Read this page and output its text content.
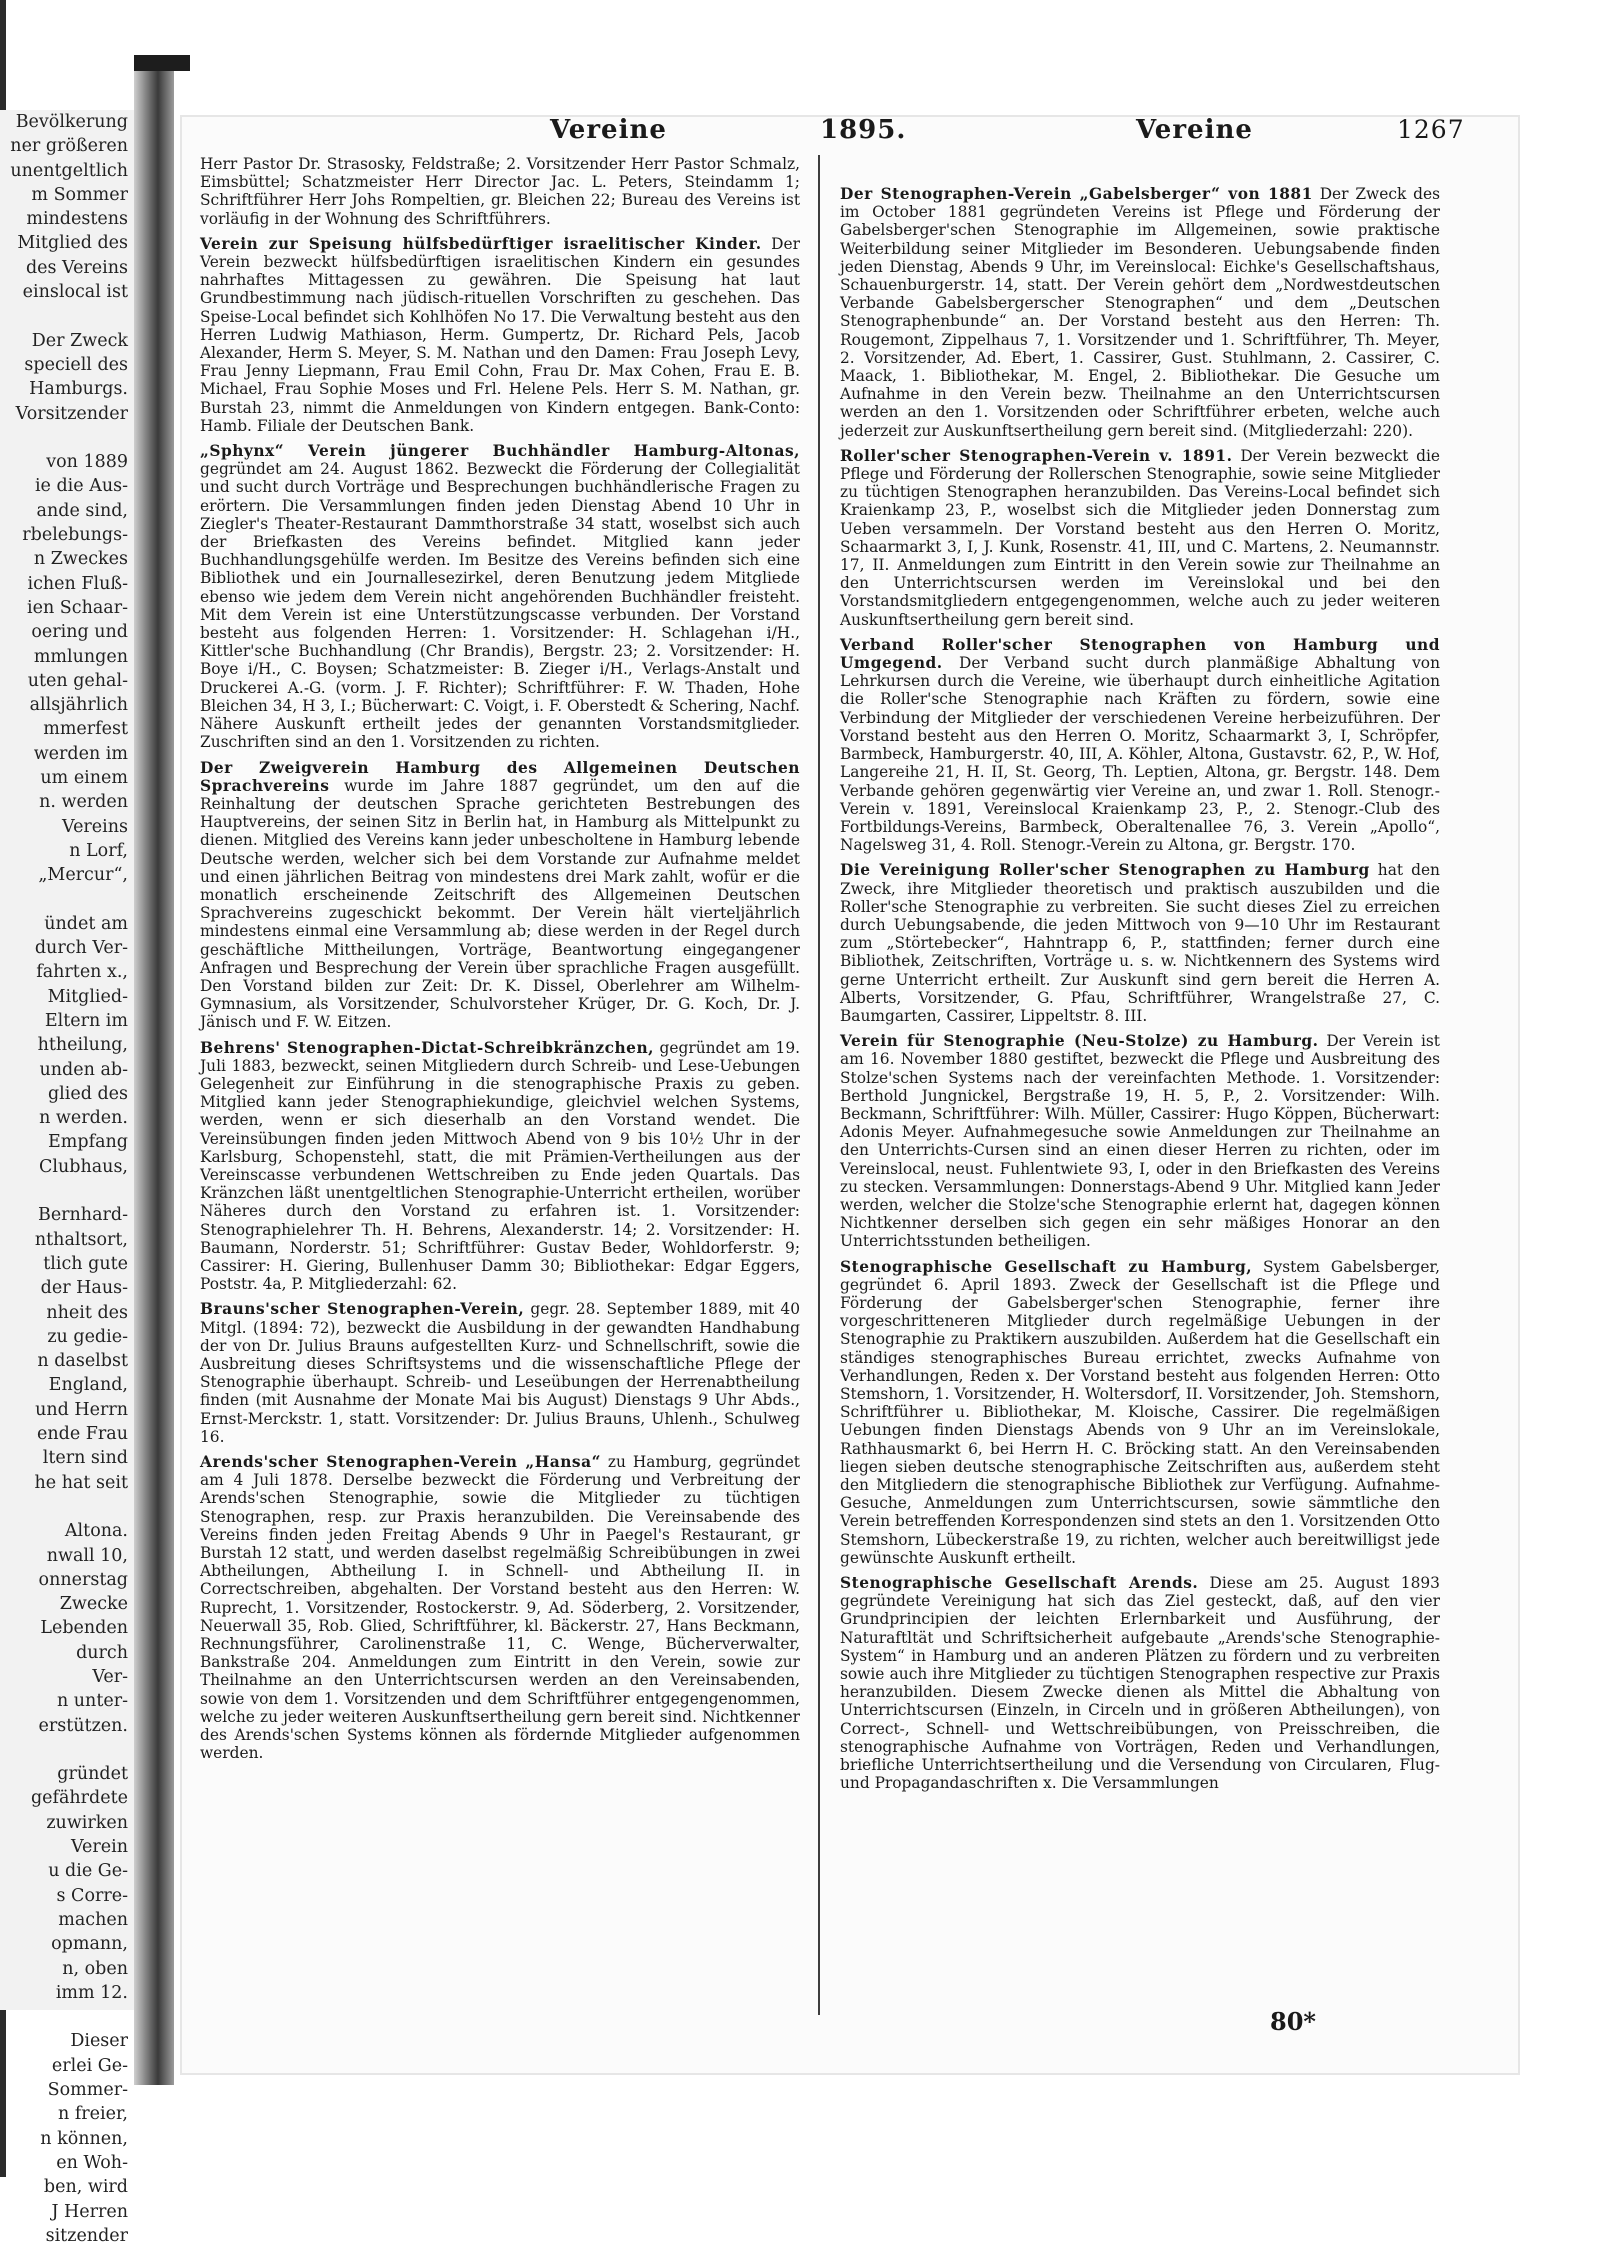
Bevölkerung
ner größeren
unentgeltlich
m Sommer
mindestens
Mitglied des
des Vereins
einslocal ist

Der Zweck
speciell des
Hamburgs.
Vorsitzender

von 1889
ie die Aus-
ande sind,
rbelebungs-
n Zweckes
ichen Fluß-
ien Schaar-
oering und
mmlungen
uten gehal-
allsjährlich
mmerfest
werden im
um einem
n. werden
Vereins
n Lorf,
„Mercur“,

ündet am
durch Ver-
fahrten x.,
Mitglied-
Eltern im
htheilung,
unden ab-
glied des
n werden.
Empfang
Clubhaus,

Bernhard-
nthaltsort,
tlich gute
der Haus-
nheit des
zu gedie-
n daselbst
England,
und Herrn
ende Frau
ltern sind
he hat seit

Altona.
nwall 10,
onnerstag
Zwecke
Lebenden
durch
Ver-
n unter-
erstützen.

gründet
gefährdete
zuwirken
Verein
u die Ge-
s Corre-
machen
opmann,
n, oben
imm 12.

Dieser
erlei Ge-
Sommer-
n freier,
n können,
en Woh-
ben, wird
J Herren
sitzender
Vereine	1895.	Vereine	1267

Herr Pastor Dr. Strasosky, Feldstraße; 2. Vorsitzender Herr Pastor Schmalz, Eimsbüttel; Schatzmeister Herr Director Jac. L. Peters, Steindamm 1; Schriftführer Herr Johs Rompeltien, gr. Bleichen 22; Bureau des Vereins ist vorläufig in der Wohnung des Schriftführers.

Verein zur Speisung hülfsbedürftiger israelitischer Kinder. Der Verein bezweckt hülfsbedürftigen israelitischen Kindern ein gesundes nahrhaftes Mittagessen zu gewähren. Die Speisung hat laut Grundbestimmung nach jüdisch-rituellen Vorschriften zu geschehen. Das Speise-Local befindet sich Kohlhöfen No 17. Die Verwaltung besteht aus den Herren Ludwig Mathiason, Herm. Gumpertz, Dr. Richard Pels, Jacob Alexander, Herm S. Meyer, S. M. Nathan und den Damen: Frau Joseph Levy, Frau Jenny Liepmann, Frau Emil Cohn, Frau Dr. Max Cohen, Frau E. B. Michael, Frau Sophie Moses und Frl. Helene Pels. Herr S. M. Nathan, gr. Burstah 23, nimmt die Anmeldungen von Kindern entgegen. Bank-Conto: Hamb. Filiale der Deutschen Bank.

„Sphynx“ Verein jüngerer Buchhändler Hamburg-Altonas, gegründet am 24. August 1862. Bezweckt die Förderung der Collegialität und sucht durch Vorträge und Besprechungen buchhändlerische Fragen zu erörtern. Die Versammlungen finden jeden Dienstag Abend 10 Uhr in Ziegler's Theater-Restaurant Dammthorstraße 34 statt, woselbst sich auch der Briefkasten des Vereins befindet. Mitglied kann jeder Buchhandlungsgehülfe werden. Im Besitze des Vereins befinden sich eine Bibliothek und ein Journallesezirkel, deren Benutzung jedem Mitgliede ebenso wie jedem dem Verein nicht angehörenden Buchhändler freisteht. Mit dem Verein ist eine Unterstützungscasse verbunden. Der Vorstand besteht aus folgenden Herren: 1. Vorsitzender: H. Schlagehan i/H., Kittler'sche Buchhandlung (Chr Brandis), Bergstr. 23; 2. Vorsitzender: H. Boye i/H., C. Boysen; Schatzmeister: B. Zieger i/H., Verlags-Anstalt und Druckerei A.-G. (vorm. J. F. Richter); Schriftführer: F. W. Thaden, Hohe Bleichen 34, H 3, I.; Bücherwart: C. Voigt, i. F. Oberstedt & Schering, Nachf. Nähere Auskunft ertheilt jedes der genannten Vorstandsmitglieder. Zuschriften sind an den 1. Vorsitzenden zu richten.

Der Zweigverein Hamburg des Allgemeinen Deutschen Sprachvereins wurde im Jahre 1887 gegründet, um den auf die Reinhaltung der deutschen Sprache gerichteten Bestrebungen des Hauptvereins, der seinen Sitz in Berlin hat, in Hamburg als Mittelpunkt zu dienen. Mitglied des Vereins kann jeder unbescholtene in Hamburg lebende Deutsche werden, welcher sich bei dem Vorstande zur Aufnahme meldet und einen jährlichen Beitrag von mindestens drei Mark zahlt, wofür er die monatlich erscheinende Zeitschrift des Allgemeinen Deutschen Sprachvereins zugeschickt bekommt. Der Verein hält vierteljährlich mindestens einmal eine Versammlung ab; diese werden in der Regel durch geschäftliche Mittheilungen, Vorträge, Beantwortung eingegangener Anfragen und Besprechung der Verein über sprachliche Fragen ausgefüllt. Den Vorstand bilden zur Zeit: Dr. K. Dissel, Oberlehrer am Wilhelm-Gymnasium, als Vorsitzender, Schulvorsteher Krüger, Dr. G. Koch, Dr. J. Jänisch und F. W. Eitzen.

Behrens' Stenographen-Dictat-Schreibkränzchen, gegründet am 19. Juli 1883, bezweckt, seinen Mitgliedern durch Schreib- und Lese-Uebungen Gelegenheit zur Einführung in die stenographische Praxis zu geben. Mitglied kann jeder Stenographiekundige, gleichviel welchen Systems, werden, wenn er sich dieserhalb an den Vorstand wendet. Die Vereinsübungen finden jeden Mittwoch Abend von 9 bis 10½ Uhr in der Karlsburg, Schopenstehl, statt, die mit Prämien-Vertheilungen aus der Vereinscasse verbundenen Wettschreiben zu Ende jeden Quartals. Das Kränzchen läßt unentgeltlichen Stenographie-Unterricht ertheilen, worüber Näheres durch den Vorstand zu erfahren ist. 1. Vorsitzender: Stenographielehrer Th. H. Behrens, Alexanderstr. 14; 2. Vorsitzender: H. Baumann, Norderstr. 51; Schriftführer: Gustav Beder, Wohldorferstr. 9; Cassirer: H. Giering, Bullenhuser Damm 30; Bibliothekar: Edgar Eggers, Poststr. 4a, P. Mitgliederzahl: 62.

Brauns'scher Stenographen-Verein, gegr. 28. September 1889, mit 40 Mitgl. (1894: 72), bezweckt die Ausbildung in der gewandten Handhabung der von Dr. Julius Brauns aufgestellten Kurz- und Schnellschrift, sowie die Ausbreitung dieses Schriftsystems und die wissenschaftliche Pflege der Stenographie überhaupt. Schreib- und Leseübungen der Herrenabtheilung finden (mit Ausnahme der Monate Mai bis August) Dienstags 9 Uhr Abds., Ernst-Merckstr. 1, statt. Vorsitzender: Dr. Julius Brauns, Uhlenh., Schulweg 16.

Arends'scher Stenographen-Verein „Hansa“ zu Hamburg, gegründet am 4 Juli 1878. Derselbe bezweckt die Förderung und Verbreitung der Arends'schen Stenographie, sowie die Mitglieder zu tüchtigen Stenographen, resp. zur Praxis heranzubilden. Die Vereinsabende des Vereins finden jeden Freitag Abends 9 Uhr in Paegel's Restaurant, gr Burstah 12 statt, und werden daselbst regelmäßig Schreibübungen in zwei Abtheilungen, Abtheilung I. in Schnell- und Abtheilung II. in Correctschreiben, abgehalten. Der Vorstand besteht aus den Herren: W. Ruprecht, 1. Vorsitzender, Rostockerstr. 9, Ad. Söderberg, 2. Vorsitzender, Neuerwall 35, Rob. Glied, Schriftführer, kl. Bäckerstr. 27, Hans Beckmann, Rechnungsführer, Carolinenstraße 11, C. Wenge, Bücherverwalter, Bankstraße 204. Anmeldungen zum Eintritt in den Verein, sowie zur Theilnahme an den Unterrichtscursen werden an den Vereinsabenden, sowie von dem 1. Vorsitzenden und dem Schriftführer entgegengenommen, welche zu jeder weiteren Auskunftsertheilung gern bereit sind. Nichtkenner des Arends'schen Systems können als fördernde Mitglieder aufgenommen werden.

Der Stenographen-Verein „Gabelsberger“ von 1881 Der Zweck des im October 1881 gegründeten Vereins ist Pflege und Förderung der Gabelsberger'schen Stenographie im Allgemeinen, sowie praktische Weiterbildung seiner Mitglieder im Besonderen. Uebungsabende finden jeden Dienstag, Abends 9 Uhr, im Vereinslocal: Eichke's Gesellschaftshaus, Schauenburgerstr. 14, statt. Der Verein gehört dem „Nordwestdeutschen Verbande Gabelsbergerscher Stenographen“ und dem „Deutschen Stenographenbunde“ an. Der Vorstand besteht aus den Herren: Th. Rougemont, Zippelhaus 7, 1. Vorsitzender und 1. Schriftführer, Th. Meyer, 2. Vorsitzender, Ad. Ebert, 1. Cassirer, Gust. Stuhlmann, 2. Cassirer, C. Maack, 1. Bibliothekar, M. Engel, 2. Bibliothekar. Die Gesuche um Aufnahme in den Verein bezw. Theilnahme an den Unterrichtscursen werden an den 1. Vorsitzenden oder Schriftführer erbeten, welche auch jederzeit zur Auskunftsertheilung gern bereit sind. (Mitgliederzahl: 220).

Roller'scher Stenographen-Verein v. 1891. Der Verein bezweckt die Pflege und Förderung der Rollerschen Stenographie, sowie seine Mitglieder zu tüchtigen Stenographen heranzubilden. Das Vereins-Local befindet sich Kraienkamp 23, P., woselbst sich die Mitglieder jeden Donnerstag zum Ueben versammeln. Der Vorstand besteht aus den Herren O. Moritz, Schaarmarkt 3, I, J. Kunk, Rosenstr. 41, III, und C. Martens, 2. Neumannstr. 17, II. Anmeldungen zum Eintritt in den Verein sowie zur Theilnahme an den Unterrichtscursen werden im Vereinslokal und bei den Vorstandsmitgliedern entgegengenommen, welche auch zu jeder weiteren Auskunftsertheilung gern bereit sind.

Verband Roller'scher Stenographen von Hamburg und Umgegend. Der Verband sucht durch planmäßige Abhaltung von Lehrkursen durch die Vereine, wie überhaupt durch einheitliche Agitation die Roller'sche Stenographie nach Kräften zu fördern, sowie eine Verbindung der Mitglieder der verschiedenen Vereine herbeizuführen. Der Vorstand besteht aus den Herren O. Moritz, Schaarmarkt 3, I, Schröpfer, Barmbeck, Hamburgerstr. 40, III, A. Köhler, Altona, Gustavstr. 62, P., W. Hof, Langereihe 21, H. II, St. Georg, Th. Leptien, Altona, gr. Bergstr. 148. Dem Verbande gehören gegenwärtig vier Vereine an, und zwar 1. Roll. Stenogr.-Verein v. 1891, Vereinslocal Kraienkamp 23, P., 2. Stenogr.-Club des Fortbildungs-Vereins, Barmbeck, Oberaltenallee 76, 3. Verein „Apollo“, Nagelsweg 31, 4. Roll. Stenogr.-Verein zu Altona, gr. Bergstr. 170.

Die Vereinigung Roller'scher Stenographen zu Hamburg hat den Zweck, ihre Mitglieder theoretisch und praktisch auszubilden und die Roller'sche Stenographie zu verbreiten. Sie sucht dieses Ziel zu erreichen durch Uebungsabende, die jeden Mittwoch von 9—10 Uhr im Restaurant zum „Störtebecker“, Hahntrapp 6, P., stattfinden; ferner durch eine Bibliothek, Zeitschriften, Vorträge u. s. w. Nichtkennern des Systems wird gerne Unterricht ertheilt. Zur Auskunft sind gern bereit die Herren A. Alberts, Vorsitzender, G. Pfau, Schriftführer, Wrangelstraße 27, C. Baumgarten, Cassirer, Lippeltstr. 8. III.

Verein für Stenographie (Neu-Stolze) zu Hamburg. Der Verein ist am 16. November 1880 gestiftet, bezweckt die Pflege und Ausbreitung des Stolze'schen Systems nach der vereinfachten Methode. 1. Vorsitzender: Berthold Jungnickel, Bergstraße 19, H. 5, P., 2. Vorsitzender: Wilh. Beckmann, Schriftführer: Wilh. Müller, Cassirer: Hugo Köppen, Bücherwart: Adonis Meyer. Aufnahmegesuche sowie Anmeldungen zur Theilnahme an den Unterrichts-Cursen sind an einen dieser Herren zu richten, oder im Vereinslocal, neust. Fuhlentwiete 93, I, oder in den Briefkasten des Vereins zu stecken. Versammlungen: Donnerstags-Abend 9 Uhr. Mitglied kann Jeder werden, welcher die Stolze'sche Stenographie erlernt hat, dagegen können Nichtkenner derselben sich gegen ein sehr mäßiges Honorar an den Unterrichtsstunden betheiligen.

Stenographische Gesellschaft zu Hamburg, System Gabelsberger, gegründet 6. April 1893. Zweck der Gesellschaft ist die Pflege und Förderung der Gabelsberger'schen Stenographie, ferner ihre vorgeschritteneren Mitglieder durch regelmäßige Uebungen in der Stenographie zu Praktikern auszubilden. Außerdem hat die Gesellschaft ein ständiges stenographisches Bureau errichtet, zwecks Aufnahme von Verhandlungen, Reden x. Der Vorstand besteht aus folgenden Herren: Otto Stemshorn, 1. Vorsitzender, H. Woltersdorf, II. Vorsitzender, Joh. Stemshorn, Schriftführer u. Bibliothekar, M. Kloische, Cassirer. Die regelmäßigen Uebungen finden Dienstags Abends von 9 Uhr an im Vereinslokale, Rathhausmarkt 6, bei Herrn H. C. Bröcking statt. An den Vereinsabenden liegen sieben deutsche stenographische Zeitschriften aus, außerdem steht den Mitgliedern die stenographische Bibliothek zur Verfügung. Aufnahme-Gesuche, Anmeldungen zum Unterrichtscursen, sowie sämmtliche den Verein betreffenden Korrespondenzen sind stets an den 1. Vorsitzenden Otto Stemshorn, Lübeckerstraße 19, zu richten, welcher auch bereitwilligst jede gewünschte Auskunft ertheilt.

Stenographische Gesellschaft Arends. Diese am 25. August 1893 gegründete Vereinigung hat sich das Ziel gesteckt, daß, auf den vier Grundprincipien der leichten Erlernbarkeit und Ausführung, der Naturaftltät und Schriftsicherheit aufgebaute „Arends'sche Stenographie-System“ in Hamburg und an anderen Plätzen zu fördern und zu verbreiten sowie auch ihre Mitglieder zu tüchtigen Stenographen respective zur Praxis heranzubilden. Diesem Zwecke dienen als Mittel die Abhaltung von Unterrichtscursen (Einzeln, in Circeln und in größeren Abtheilungen), von Correct-, Schnell- und Wettschreibübungen, von Preisschreiben, die stenographische Aufnahme von Vorträgen, Reden und Verhandlungen, briefliche Unterrichtsertheilung und die Versendung von Circularen, Flug- und Propagandaschriften x. Die Versammlungen

80*
